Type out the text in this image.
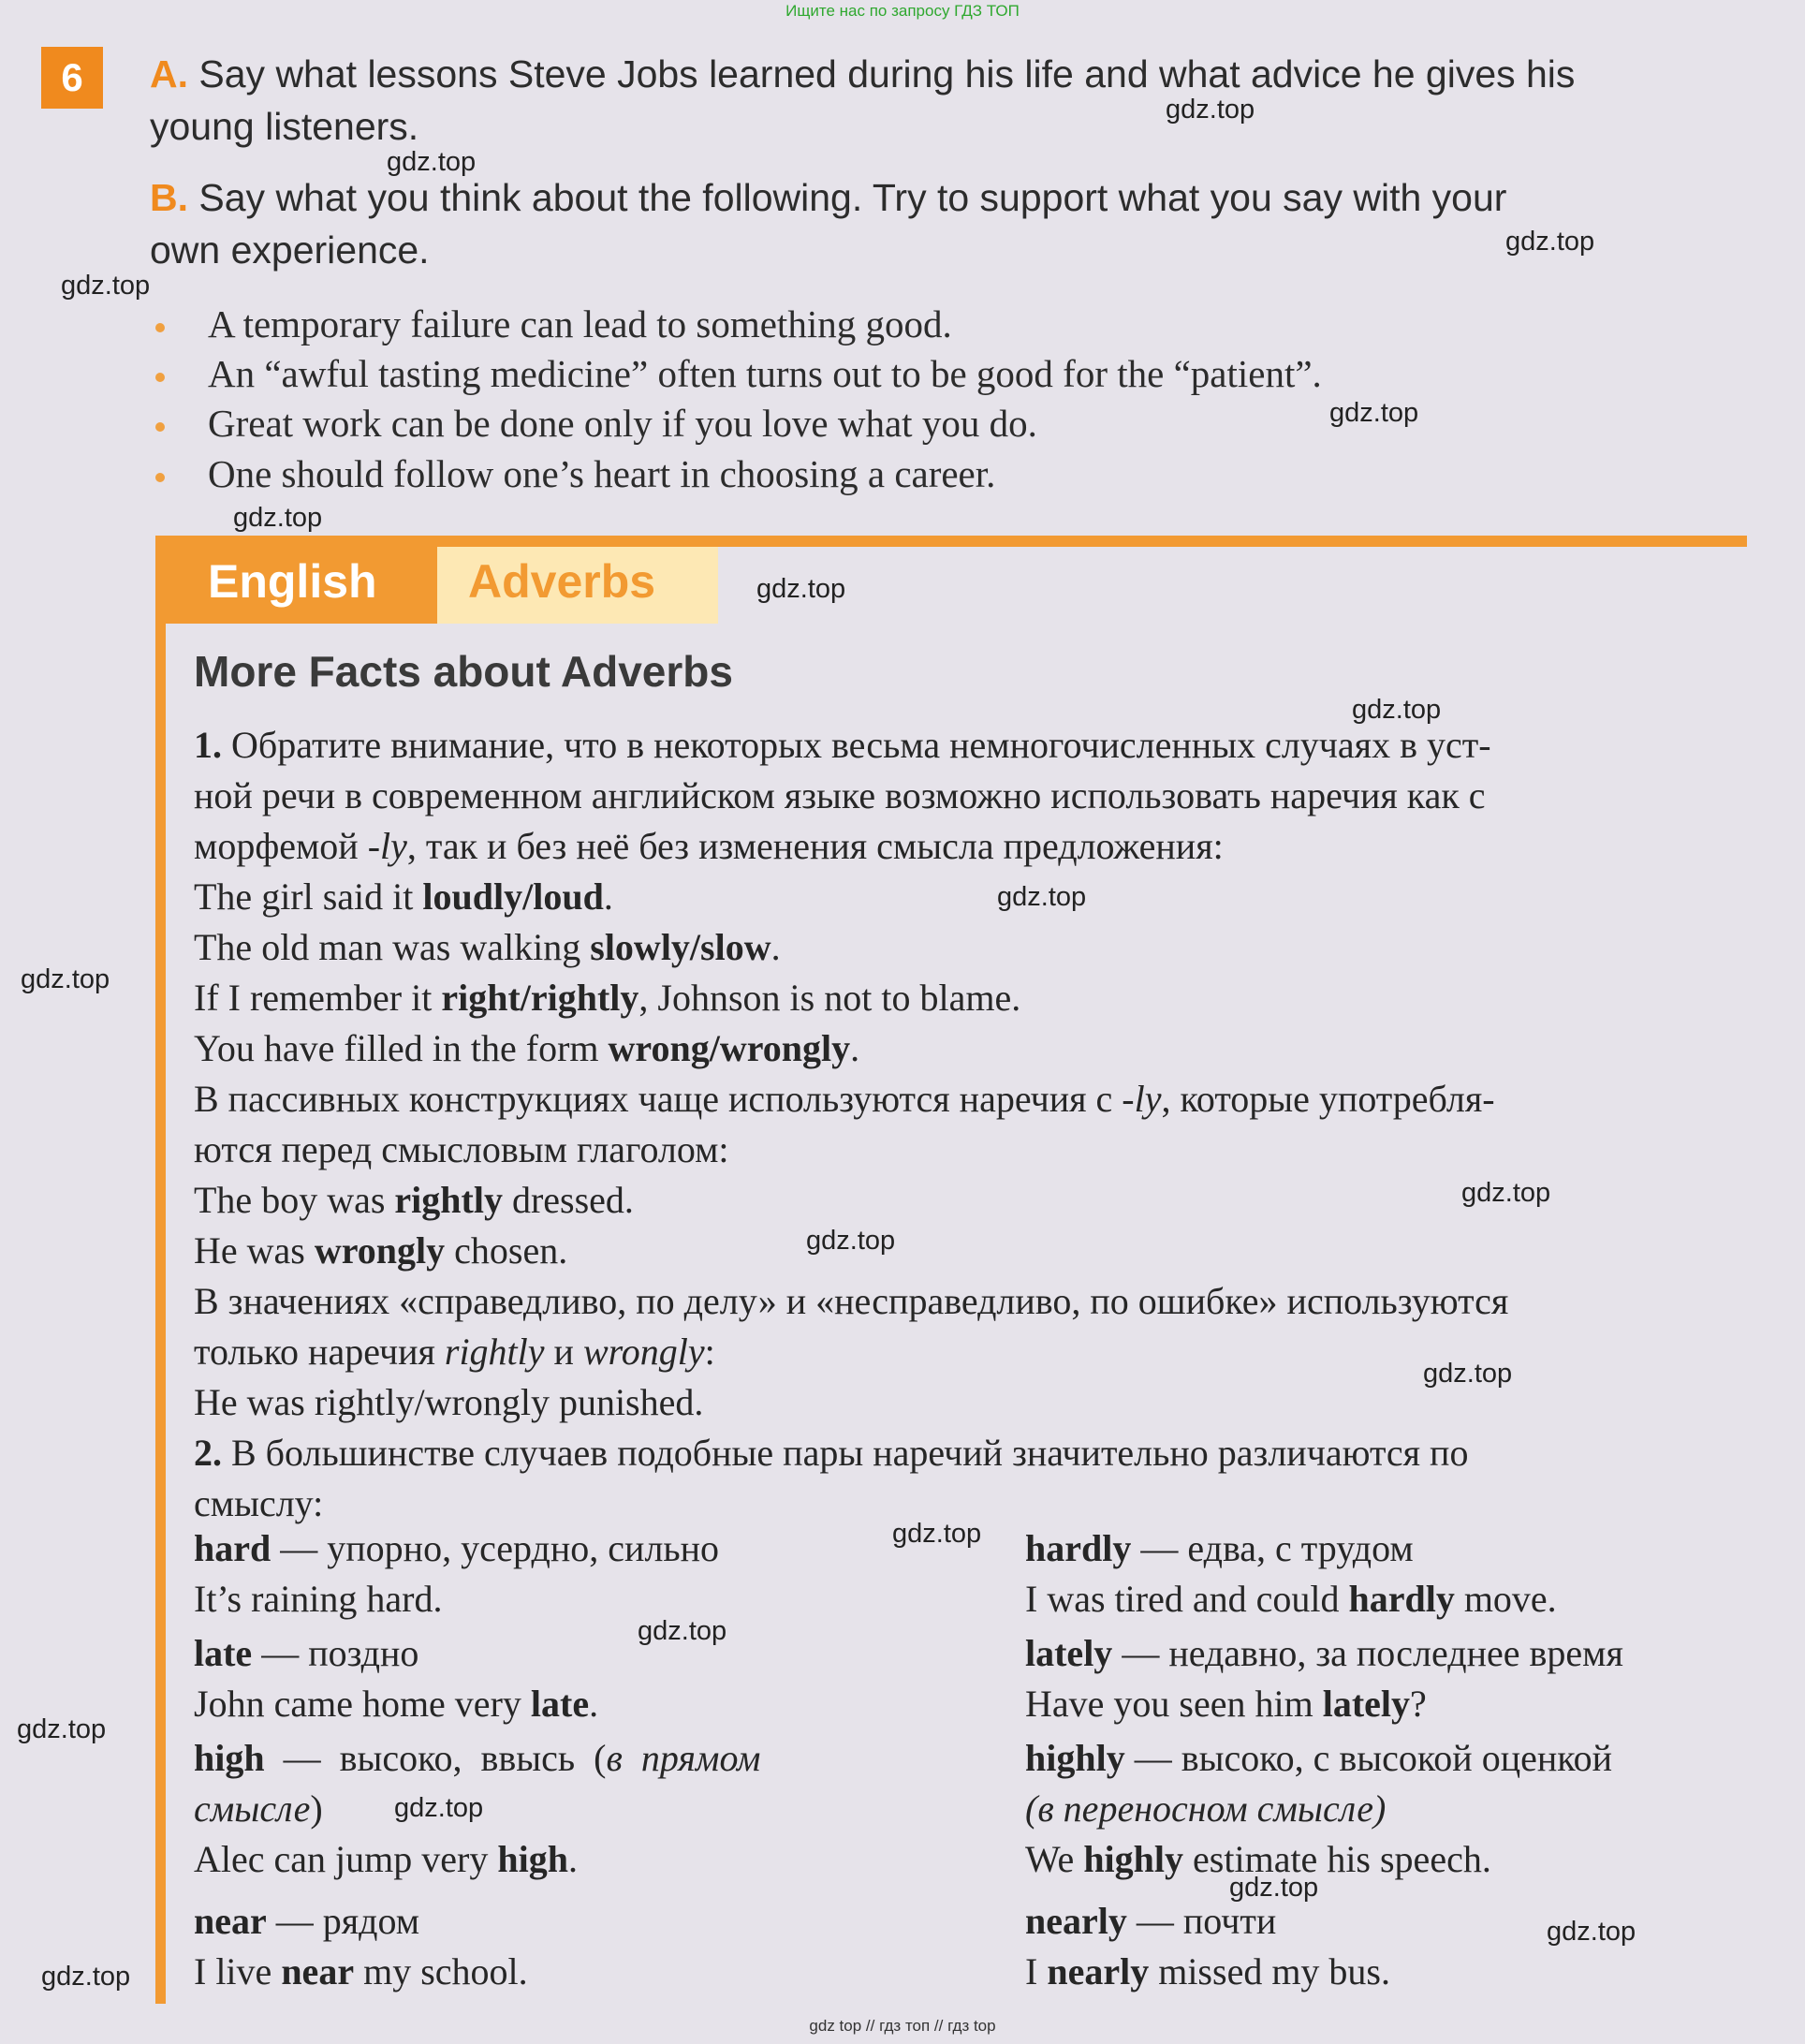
Ищите нас по запросу ГДЗ ТОП
6	A. Say what lessons Steve Jobs learned during his life and what advice he gives his
young listeners.
B. Say what you think about the following. Try to support what you say with your
own experience.
A temporary failure can lead to something good.
An “awful tasting medicine” often turns out to be good for the “patient”.
Great work can be done only if you love what you do.
One should follow one’s heart in choosing a career.
English Adverbs
More Facts about Adverbs
1. Обратите внимание, что в некоторых весьма немногочисленных случаях в уст-
ной речи в современном английском языке возможно использовать наречия как с
морфемой -ly, так и без неё без изменения смысла предложения:
The girl said it loudly/loud.
The old man was walking slowly/slow.
If I remember it right/rightly, Johnson is not to blame.
You have filled in the form wrong/wrongly.
В пассивных конструкциях чаще используются наречия с -ly, которые употребля-
ются перед смысловым глаголом:
The boy was rightly dressed.
He was wrongly chosen.
В значениях «справедливо, по делу» и «несправедливо, по ошибке» используются
только наречия rightly и wrongly:
He was rightly/wrongly punished.
2. В большинстве случаев подобные пары наречий значительно различаются по
смыслу:
hard — упорно, усердно, сильно
It’s raining hard.
late — поздно
John came home very late.
high — высоко, ввысь (в прямом
смысле)
Alec can jump very high.
near — рядом
I live near my school.
hardly — едва, с трудом
I was tired and could hardly move.
lately — недавно, за последнее время
Have you seen him lately?
highly — высоко, с высокой оценкой
(в переносном смысле)
We highly estimate his speech.
nearly — почти
I nearly missed my bus.
gdz.top
gdz.top
gdz.top
gdz.top
gdz.top
gdz.top
gdz.top
gdz.top
gdz.top
gdz.top
gdz.top
gdz.top
gdz.top
gdz.top
gdz.top
gdz.top
gdz.top
gdz.top
gdz.top
gdz.top
gdz top // гдз топ // гдз top
